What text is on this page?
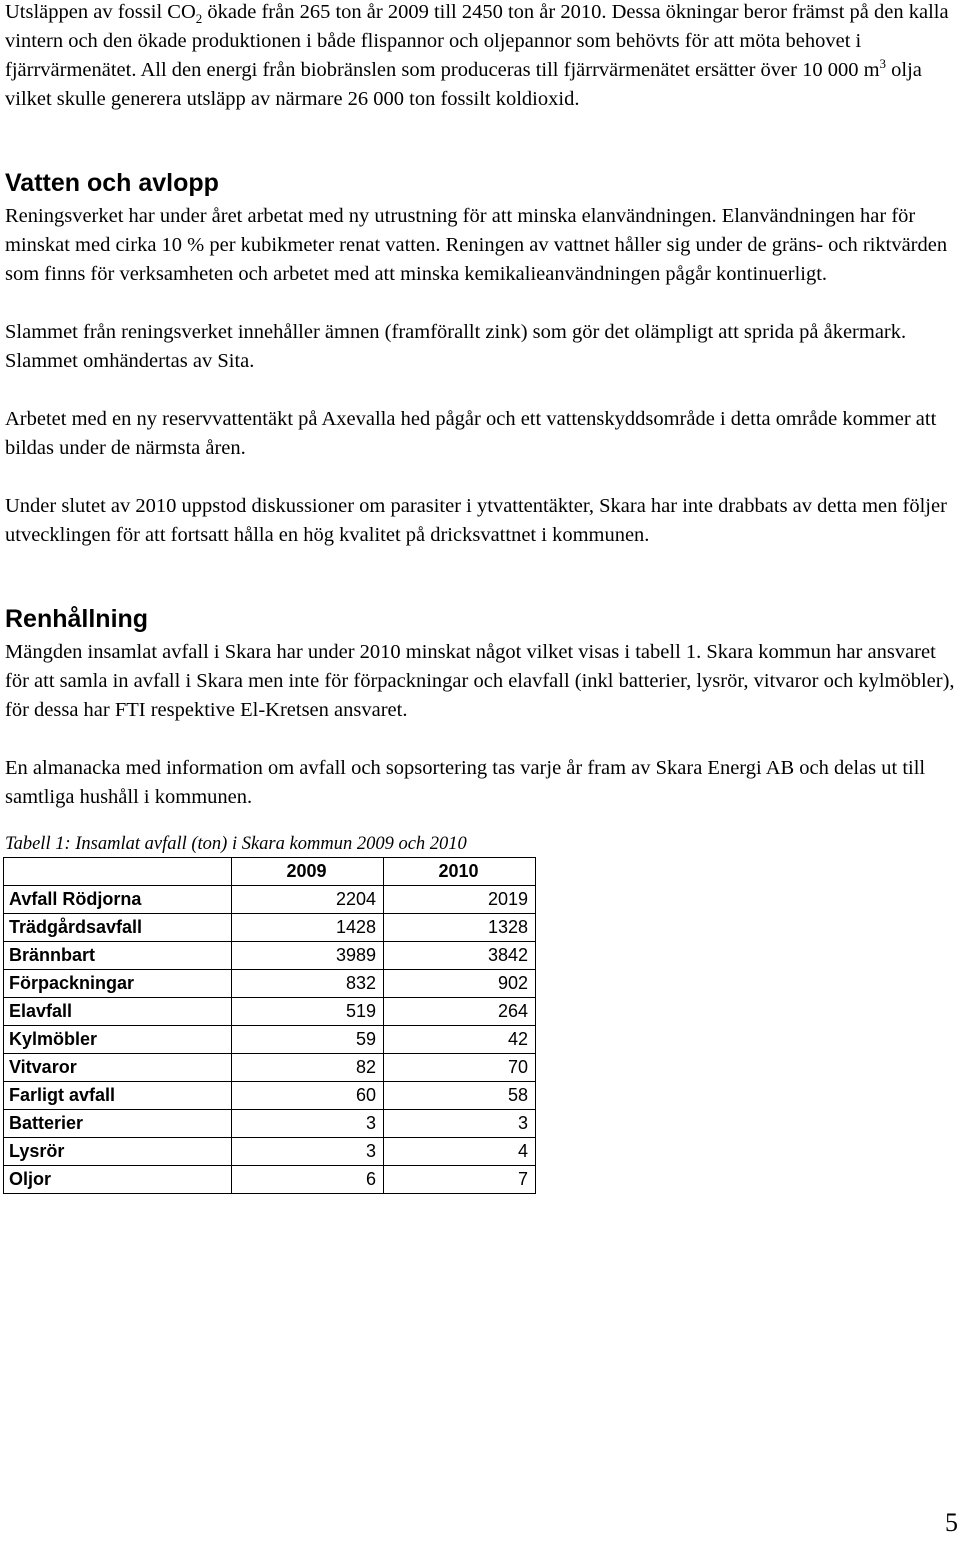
Utsläppen av fossil $CO_2$ ökade från 265 ton år 2009 till 2450 ton år 2010. Dessa ökningar beror främst på den kalla vintern och den ökade produktionen i både flispannor och oljepannor som behövts för att möta behovet i fjärrvärmenätet. All den energi från biobränslen som produceras till fjärrvärmenätet ersätter över 10 000 $m^3$ olja vilket skulle generera utsläpp av närmare 26 000 ton fossilt koldioxid.

Vatten och avlopp

Reningsverket har under året arbetat med ny utrustning för att minska elanvändningen. Elanvändningen har för minskat med cirka 10 % per kubikmeter renat vatten. Reningen av vattnet håller sig under de gräns- och riktvärden som finns för verksamheten och arbetet med att minska kemikalieanvändningen pågår kontinuerligt.

Slammet från reningsverket innehåller ämnen (framförallt zink) som gör det olämpligt att sprida på åkermark. Slammet omhändertas av Sita.

Arbetet med en ny reservvattentäkt på Axevalla hed pågår och ett vattenskyddsområde i detta område kommer att bildas under de närmsta åren.

Under slutet av 2010 uppstod diskussioner om parasiter i ytvattentäkter, Skara har inte drabbats av detta men följer utvecklingen för att fortsatt hålla en hög kvalitet på dricksvattnet i kommunen.

Renhållning

Mängden insamlat avfall i Skara har under 2010 minskat något vilket visas i tabell 1. Skara kommun har ansvaret för att samla in avfall i Skara men inte för förpackningar och elavfall (inkl batterier, lysrör, vitvaror och kylmöbler), för dessa har FTI respektive El-Kretsen ansvaret.

En almanacka med information om avfall och sopsortering tas varje år fram av Skara Energi AB och delas ut till samtliga hushåll i kommunen.

Tabell 1: Insamlat avfall (ton) i Skara kommun 2009 och 2010

	2009	2010
Avfall Rödjorna	2204	2019
Trädgårdsavfall	1428	1328
Brännbart	3989	3842
Förpackningar	832	902
Elavfall	519	264
Kylmöbler	59	42
Vitvaror	82	70
Farligt avfall	60	58
Batterier	3	3
Lysrör	3	4
Oljor	6	7
5
